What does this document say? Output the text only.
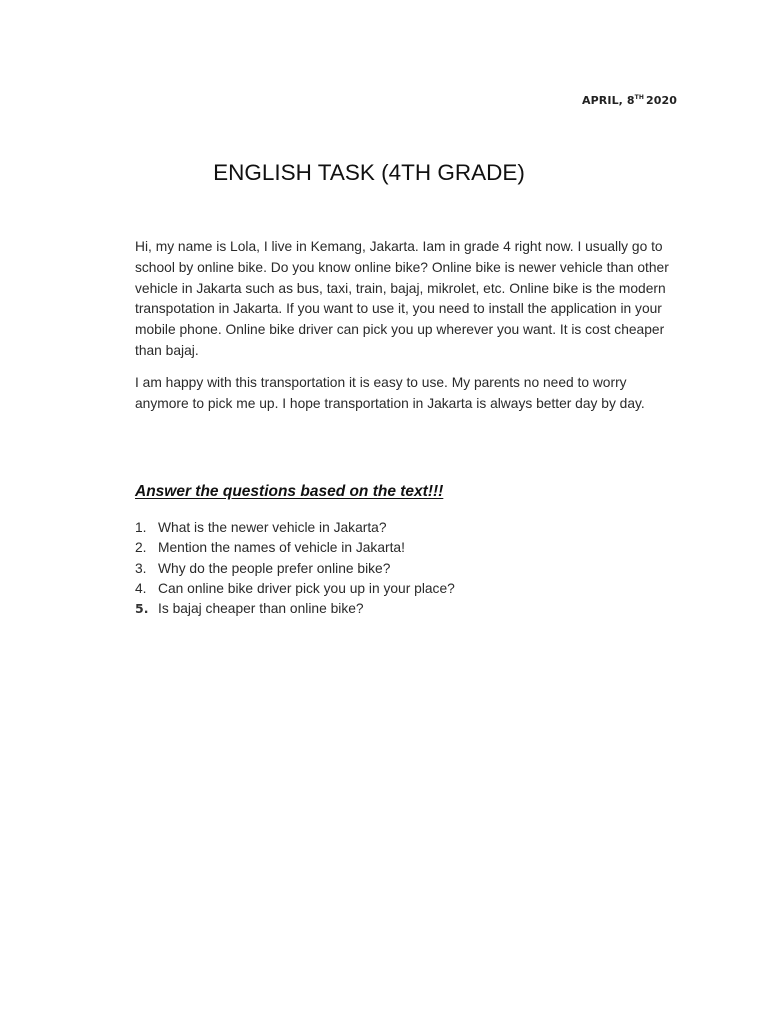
APRIL, 8TH 2020
ENGLISH TASK (4TH GRADE)

Hi, my name is Lola, I live in Kemang, Jakarta. Iam in grade 4 right now. I usually go to school by online bike. Do you know online bike? Online bike is newer vehicle than other vehicle in Jakarta such as bus, taxi, train, bajaj, mikrolet, etc. Online bike is the modern transpotation in Jakarta. If you want to use it, you need to install the application in your mobile phone. Online bike driver can pick you up wherever you want. It is cost cheaper than bajaj.

I am happy with this transportation it is easy to use. My parents no need to worry anymore to pick me up. I hope transportation in Jakarta is always better day by day.

Answer the questions based on the text!!!
1. What is the newer vehicle in Jakarta?
2. Mention the names of vehicle in Jakarta!
3. Why do the people prefer online bike?
4. Can online bike driver pick you up in your place?
5. Is bajaj cheaper than online bike?
